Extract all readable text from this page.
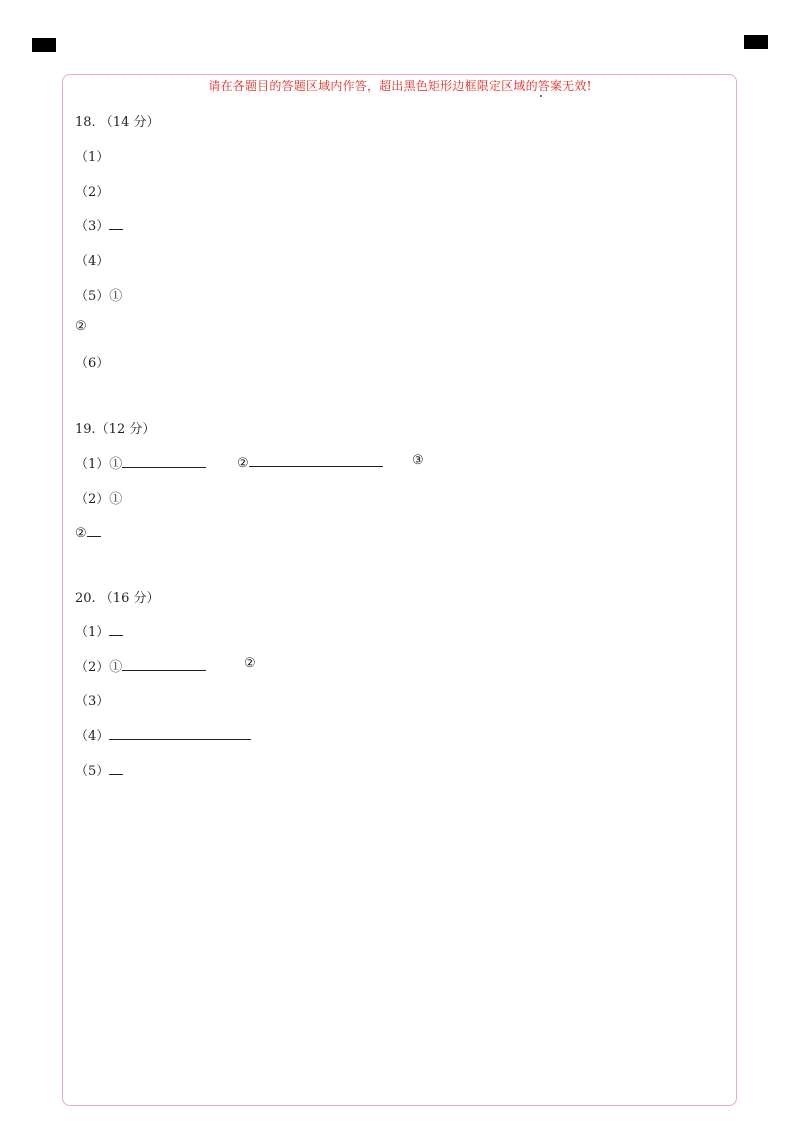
请在各题目的答题区域内作答，超出黑色矩形边框限定区域的答案无效!
18. （14 分）
（1）
（2）
（3）
（4）
（5）①
②
（6）
19.（12 分）
（1）①	②	③
（2）①
②
20. （16 分）
（1）
（2）①	②
（3）
（4）
（5）
